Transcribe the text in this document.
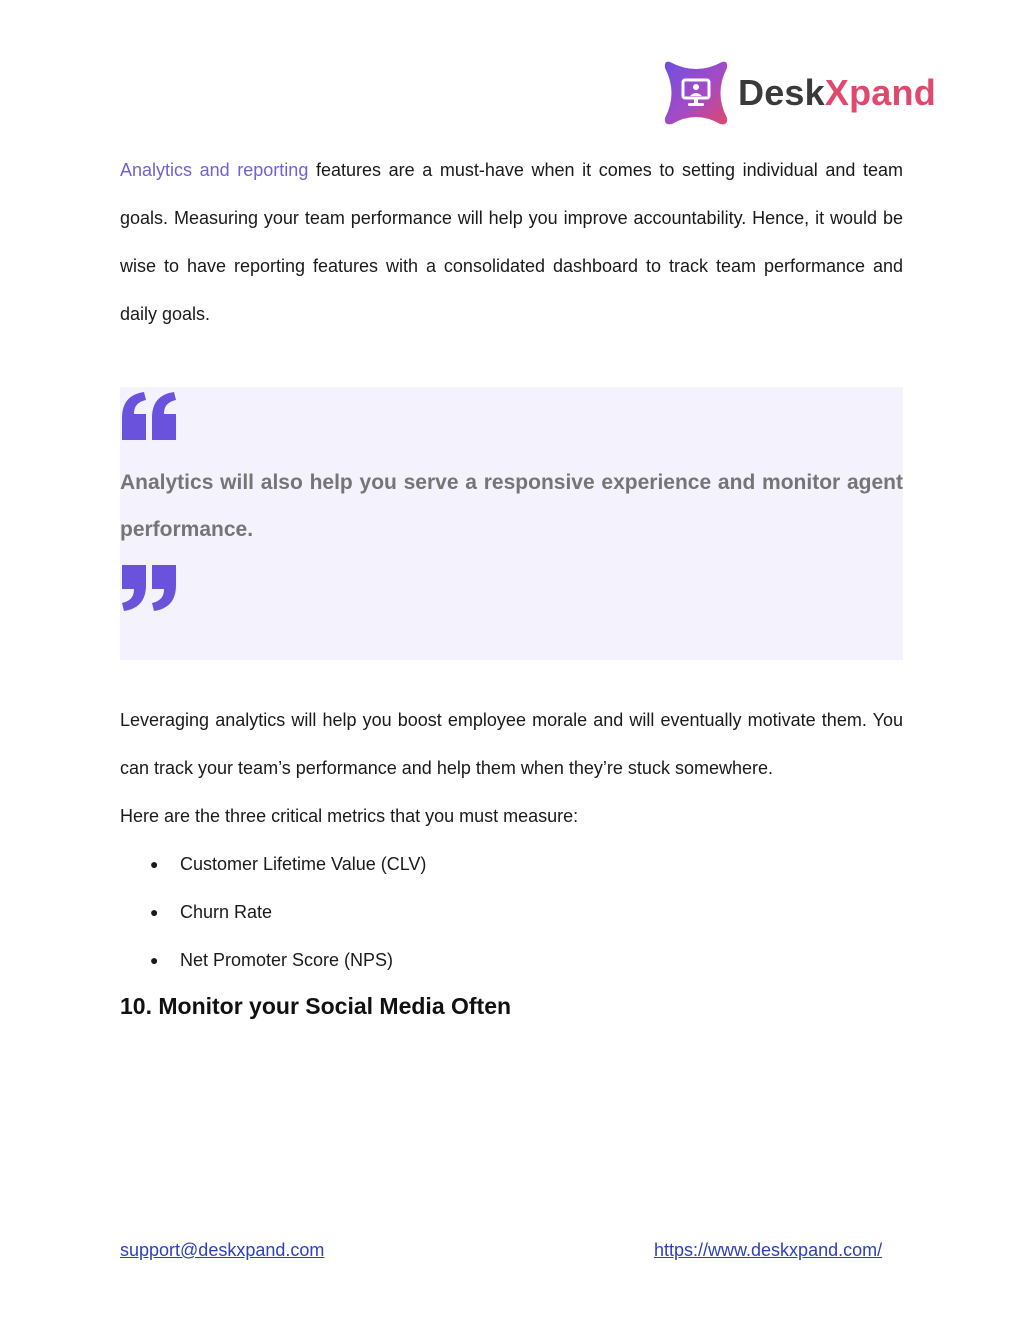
DeskXpand

Analytics and reporting features are a must-have when it comes to setting individual and team goals. Measuring your team performance will help you improve accountability. Hence, it would be wise to have reporting features with a consolidated dashboard to track team performance and daily goals.

Analytics will also help you serve a responsive experience and monitor agent performance.

Leveraging analytics will help you boost employee morale and will eventually motivate them. You can track your team’s performance and help them when they’re stuck somewhere.

Here are the three critical metrics that you must measure:

● Customer Lifetime Value (CLV)
● Churn Rate
● Net Promoter Score (NPS)
10. Monitor your Social Media Often
support@deskxpand.com	https://www.deskxpand.com/
